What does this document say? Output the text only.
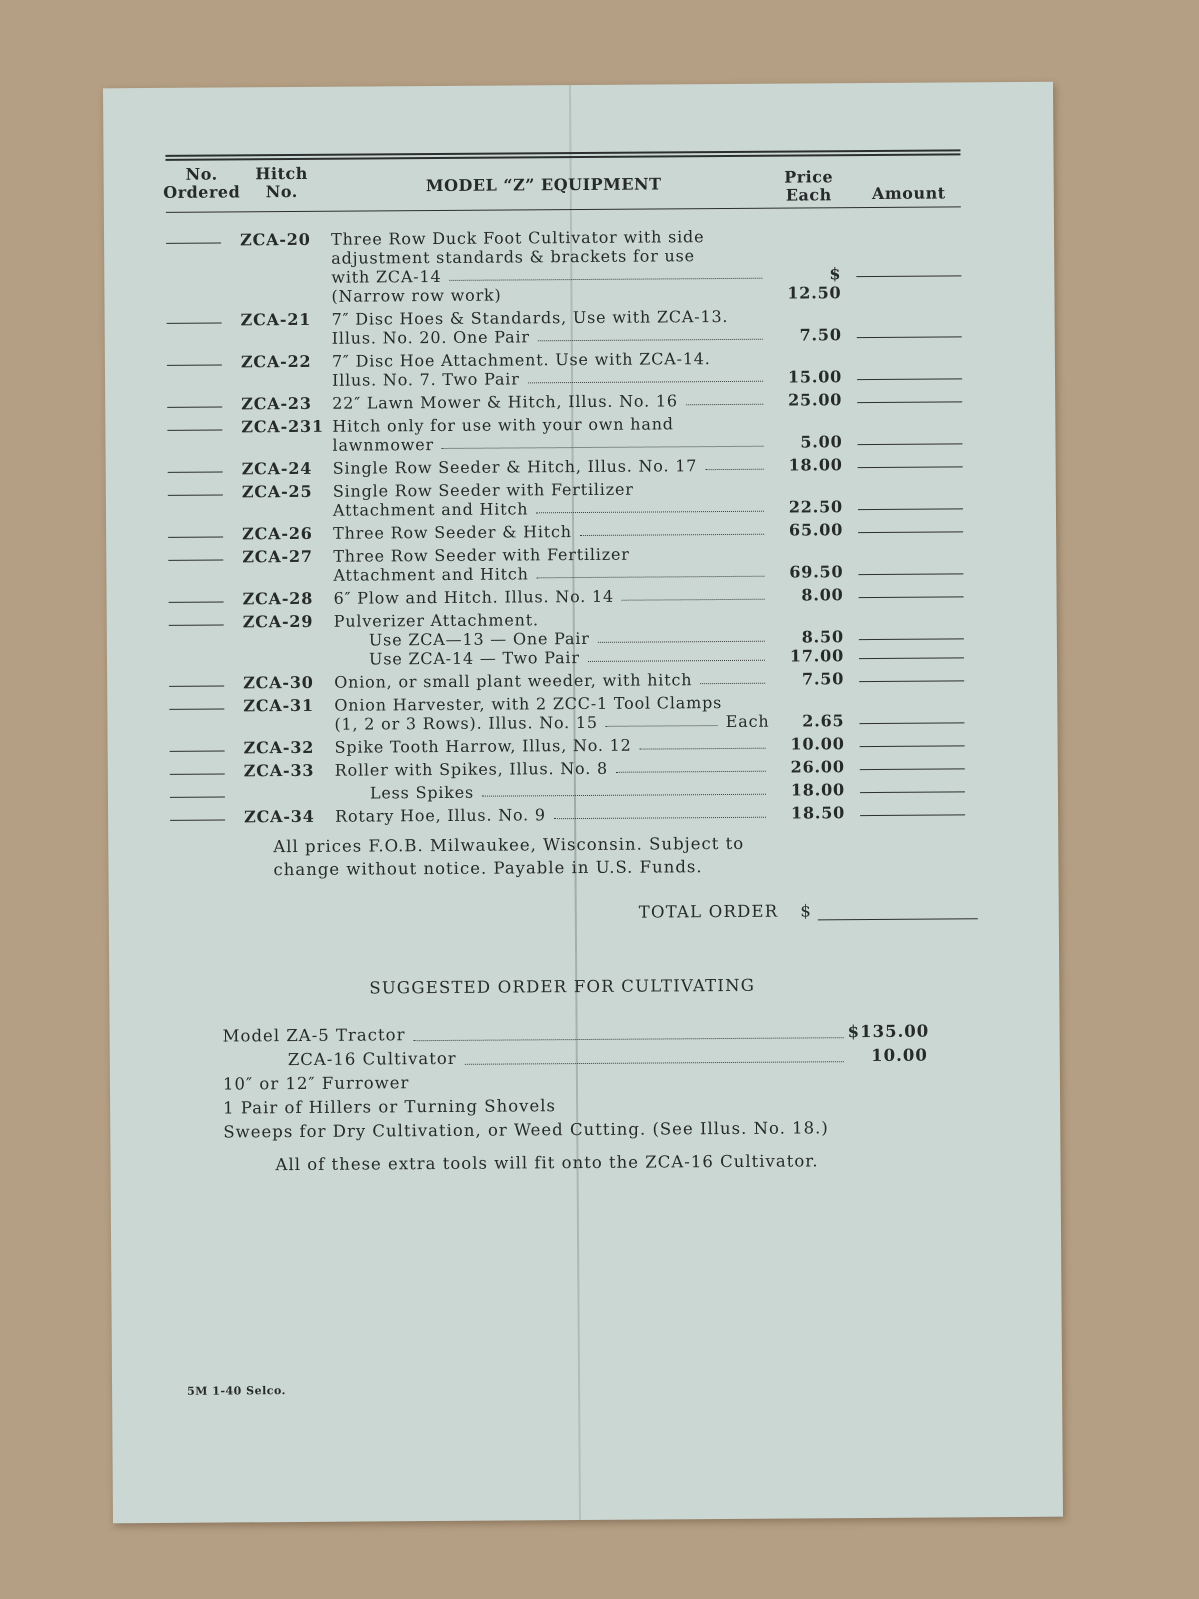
No. Ordered
Hitch No.	MODEL “Z” EQUIPMENT	Price Each	Amount
ZCA-20 Three Row Duck Foot Cultivator with side
adjustment standards & brackets for use
with ZCA-14	$ 12.50
(Narrow row work)
ZCA-21 7″ Disc Hoes & Standards, Use with ZCA-13.
Illus. No. 20. One Pair	7.50
ZCA-22 7″ Disc Hoe Attachment. Use with ZCA-14.
Illus. No. 7. Two Pair	15.00
ZCA-23 22″ Lawn Mower & Hitch, Illus. No. 16	25.00
ZCA-231 Hitch only for use with your own hand
lawnmower	5.00
ZCA-24 Single Row Seeder & Hitch, Illus. No. 17	18.00
ZCA-25 Single Row Seeder with Fertilizer
Attachment and Hitch	22.50
ZCA-26 Three Row Seeder & Hitch	65.00
ZCA-27 Three Row Seeder with Fertilizer
Attachment and Hitch	69.50
ZCA-28 6″ Plow and Hitch. Illus. No. 14	8.00
ZCA-29 Pulverizer Attachment.
Use ZCA—13 — One Pair	8.50
Use ZCA-14 — Two Pair	17.00
ZCA-30 Onion, or small plant weeder, with hitch	7.50
ZCA-31 Onion Harvester, with 2 ZCC-1 Tool Clamps
(1, 2 or 3 Rows). Illus. No. 15	Each	2.65
ZCA-32 Spike Tooth Harrow, Illus, No. 12	10.00
ZCA-33 Roller with Spikes, Illus. No. 8	26.00
Less Spikes	18.00
ZCA-34 Rotary Hoe, Illus. No. 9	18.50
All prices F.O.B. Milwaukee, Wisconsin. Subject to
change without notice. Payable in U.S. Funds.
TOTAL ORDER $
SUGGESTED ORDER FOR CULTIVATING
Model ZA-5 Tractor	$135.00
ZCA-16 Cultivator	10.00
10″ or 12″ Furrower
1 Pair of Hillers or Turning Shovels
Sweeps for Dry Cultivation, or Weed Cutting. (See Illus. No. 18.)
All of these extra tools will fit onto the ZCA-16 Cultivator.
5M 1-40 Selco.
